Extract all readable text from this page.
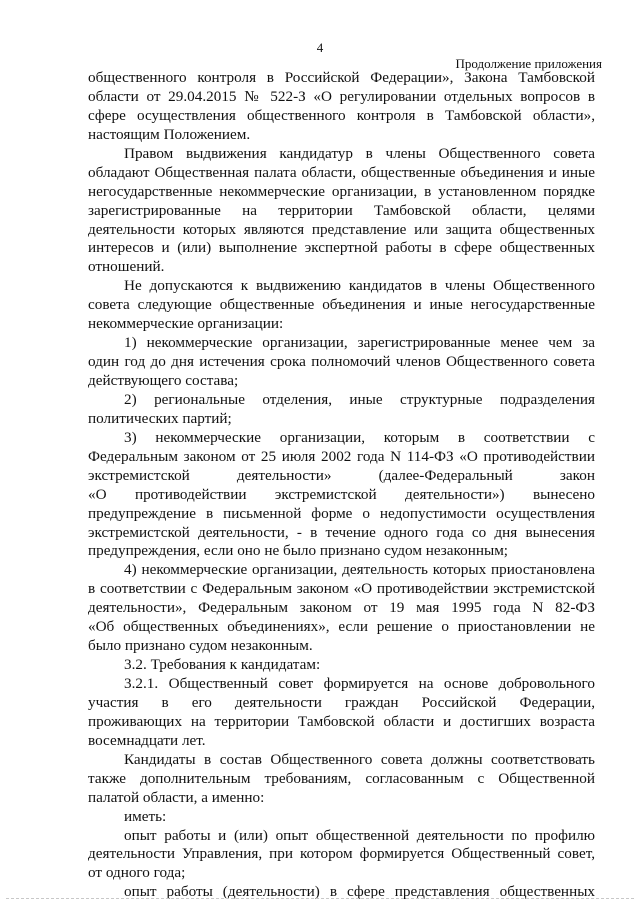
4
Продолжение приложения
общественного контроля в Российской Федерации», Закона Тамбовской
области от 29.04.2015 № 522-З «О регулировании отдельных вопросов в
сфере осуществления общественного контроля в Тамбовской области»,
настоящим Положением.
Правом выдвижения кандидатур в члены Общественного совета
обладают Общественная палата области, общественные объединения и иные
негосударственные некоммерческие организации, в установленном порядке
зарегистрированные на территории Тамбовской области, целями
деятельности которых являются представление или защита общественных
интересов и (или) выполнение экспертной работы в сфере общественных
отношений.
Не допускаются к выдвижению кандидатов в члены Общественного
совета следующие общественные объединения и иные негосударственные
некоммерческие организации:
1) некоммерческие организации, зарегистрированные менее чем за
один год до дня истечения срока полномочий членов Общественного совета
действующего состава;
2) региональные отделения, иные структурные подразделения
политических партий;
3) некоммерческие организации, которым в соответствии с
Федеральным законом от 25 июля 2002 года N 114-ФЗ «О противодействии
экстремистской деятельности» (далее-Федеральный закон
«О противодействии экстремистской деятельности») вынесено
предупреждение в письменной форме о недопустимости осуществления
экстремистской деятельности, - в течение одного года со дня вынесения
предупреждения, если оно не было признано судом незаконным;
4) некоммерческие организации, деятельность которых приостановлена
в соответствии с Федеральным законом «О противодействии экстремистской
деятельности», Федеральным законом от 19 мая 1995 года N 82-ФЗ
«Об общественных объединениях», если решение о приостановлении не
было признано судом незаконным.
3.2. Требования к кандидатам:
3.2.1. Общественный совет формируется на основе добровольного
участия в его деятельности граждан Российской Федерации,
проживающих на территории Тамбовской области и достигших возраста
восемнадцати лет.
Кандидаты в состав Общественного совета должны соответствовать
также дополнительным требованиям, согласованным с Общественной
палатой области, а именно:
иметь:
опыт работы и (или) опыт общественной деятельности по профилю
деятельности Управления, при котором формируется Общественный совет,
от одного года;
опыт работы (деятельности) в сфере представления общественных
